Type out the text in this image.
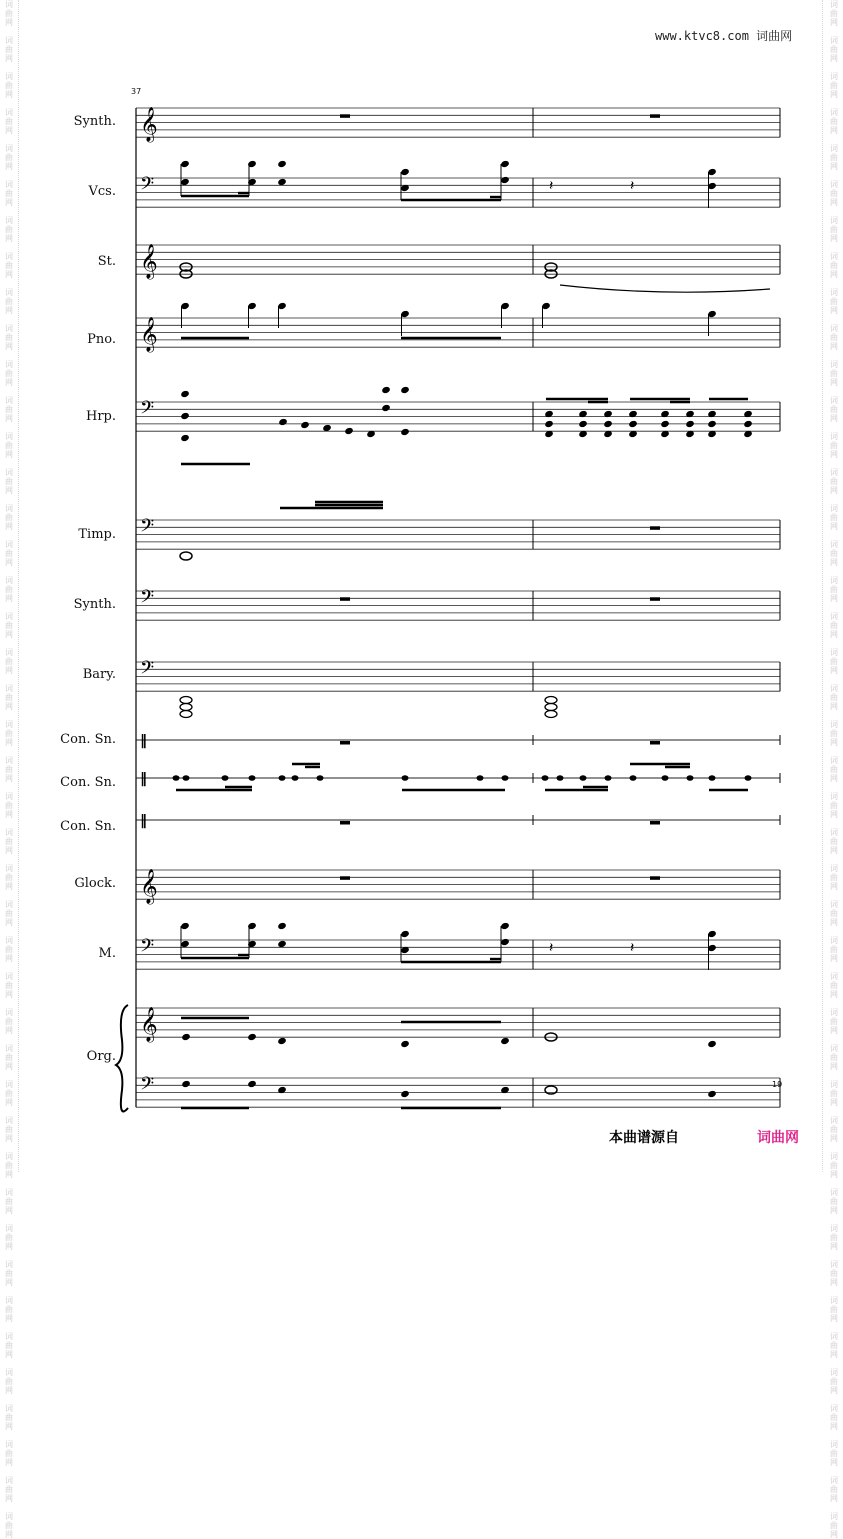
词
曲
网

词
曲
网

词
曲
网

词
曲
网

词
曲
网

词
曲
网

词
曲
网

词
曲
网

词
曲
网

词
曲
网

词
曲
网

词
曲
网

词
曲
网

词
曲
网

词
曲
网

词
曲
网

词
曲
网

词
曲
网

词
曲
网

词
曲
网

词
曲
网

词
曲
网

词
曲
网

词
曲
网

词
曲
网

词
曲
网

词
曲
网

词
曲
网

词
曲
网

词
曲
网

词
曲
网

词
曲
网

词
曲
网

词
曲
网

词
曲
网

词
曲
网

词
曲
网

词
曲
网

词
曲
网

词
曲
网

词
曲
网

词
曲
网

词
曲
网

词
曲
网

词
曲
网

词
曲
网

词
曲
网

词
曲
网

词
曲
网

词
曲
网

词
曲
网

词
曲
网

词
曲
网

词
曲
网

词
曲
网

词
曲
网

词
曲
网

词
曲
网

词
曲
网

词
曲
网

词
曲
网

词
曲
网

词
曲
网

词
曲
网

词
曲
网

词
曲
网

词
曲
网

词
曲
网

词
曲
网

词
曲
网

词
曲
网

词
曲
网

词
曲
网

词
曲
网

词
曲
网

词
曲
网

词
曲
网

词
曲
网

词
曲
网

词
曲
网

词
曲
网

词
曲
网

词
曲
网

词
曲
网

词
曲
网

词
曲
网

www.ktvc8.com 词曲网
37
Synth.
Vcs.
St.
Pno.
Hrp.
Timp.
Synth.
Bary.
Con. Sn.
Con. Sn.
Con. Sn.
Glock.
M.
Org.
𝄞
𝄢
𝄞
𝄞
𝄢
𝄢
𝄢
𝄢
‖
‖
‖
𝄞
𝄢
𝄞
𝄢
𝄽	𝄽
𝄽	𝄽
19
本曲谱源自	词曲网
